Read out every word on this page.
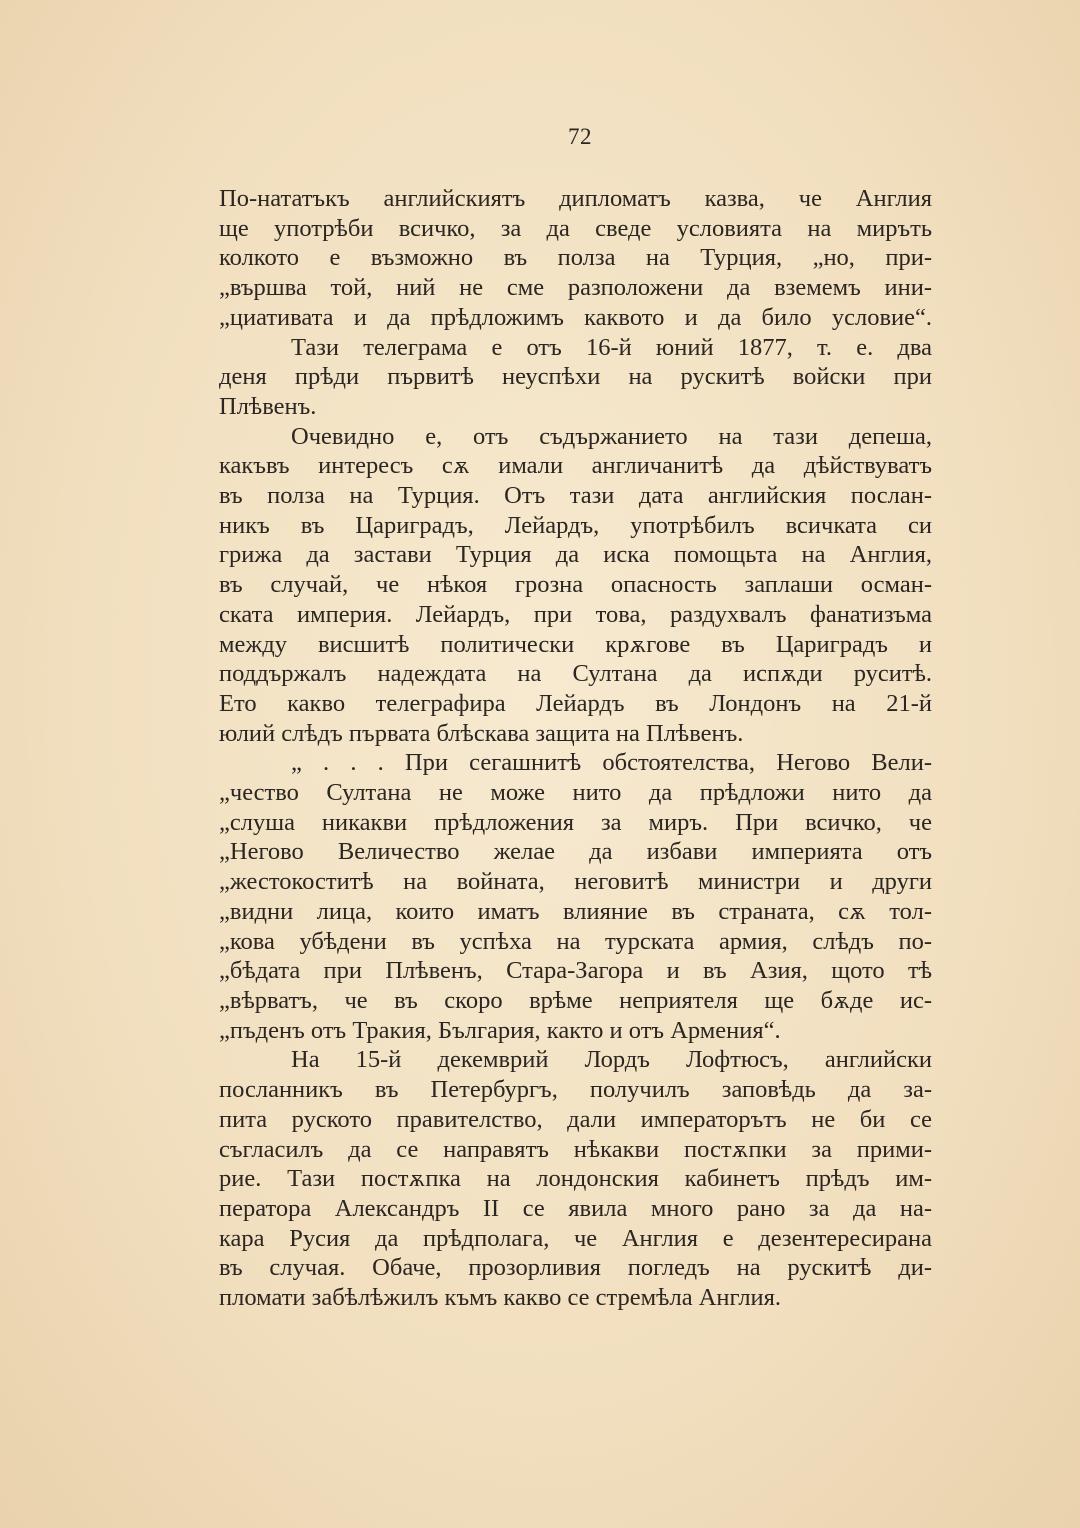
72
По-нататъкъ английскиятъ дипломатъ казва, че Англия
ще употрѣби всичко, за да сведе условията на миръть
колкото е възможно въ полза на Турция, „но, при-
„вършва той, ний не сме разположени да вземемъ ини-
„циативата и да прѣдложимъ каквото и да било условие“.
Тази телеграма е отъ 16-й юний 1877, т. е. два
деня прѣди първитѣ неуспѣхи на рускитѣ войски при
Плѣвенъ.
Очевидно е, отъ съдържанието на тази депеша,
какъвъ интересъ сѫ имали англичанитѣ да дѣйствуватъ
въ полза на Турция. Отъ тази дата английския послан-
никъ въ Цариградъ, Лейардъ, употрѣбилъ всичката си
грижа да застави Турция да иска помощьта на Англия,
въ случай, че нѣкоя грозна опасность заплаши осман-
ската империя. Лейардъ, при това, раздухвалъ фанатизъма
между висшитѣ политически крѫгове въ Цариградъ и
поддържалъ надеждата на Султана да испѫди руситѣ.
Ето какво телеграфира Лейардъ въ Лондонъ на 21-й
юлий слѣдъ първата блѣскава защита на Плѣвенъ.
„ . . . При сегашнитѣ обстоятелства, Негово Вели-
„чество Султана не може нито да прѣдложи нито да
„слуша никакви прѣдложения за миръ. При всичко, че
„Негово Величество желае да избави империята отъ
„жестокоститѣ на войната, неговитѣ министри и други
„видни лица, които иматъ влияние въ страната, сѫ тол-
„кова убѣдени въ успѣха на турската армия, слѣдъ по-
„бѣдата при Плѣвенъ, Стара-Загора и въ Азия, щото тѣ
„вѣрватъ, че въ скоро врѣме неприятеля ще бѫде ис-
„пъденъ отъ Тракия, България, както и отъ Армения“.
На 15-й декемврий Лордъ Лофтюсъ, английски
посланникъ въ Петербургъ, получилъ заповѣдь да за-
пита руското правителство, дали императорътъ не би се
съгласилъ да се направятъ нѣкакви постѫпки за прими-
рие. Тази постѫпка на лондонския кабинетъ прѣдъ им-
ператора Александръ II се явила много рано за да на-
кара Русия да прѣдполага, че Англия е дезентересирана
въ случая. Обаче, прозорливия погледъ на рускитѣ ди-
пломати забѣлѣжилъ къмъ какво се стремѣла Англия.
